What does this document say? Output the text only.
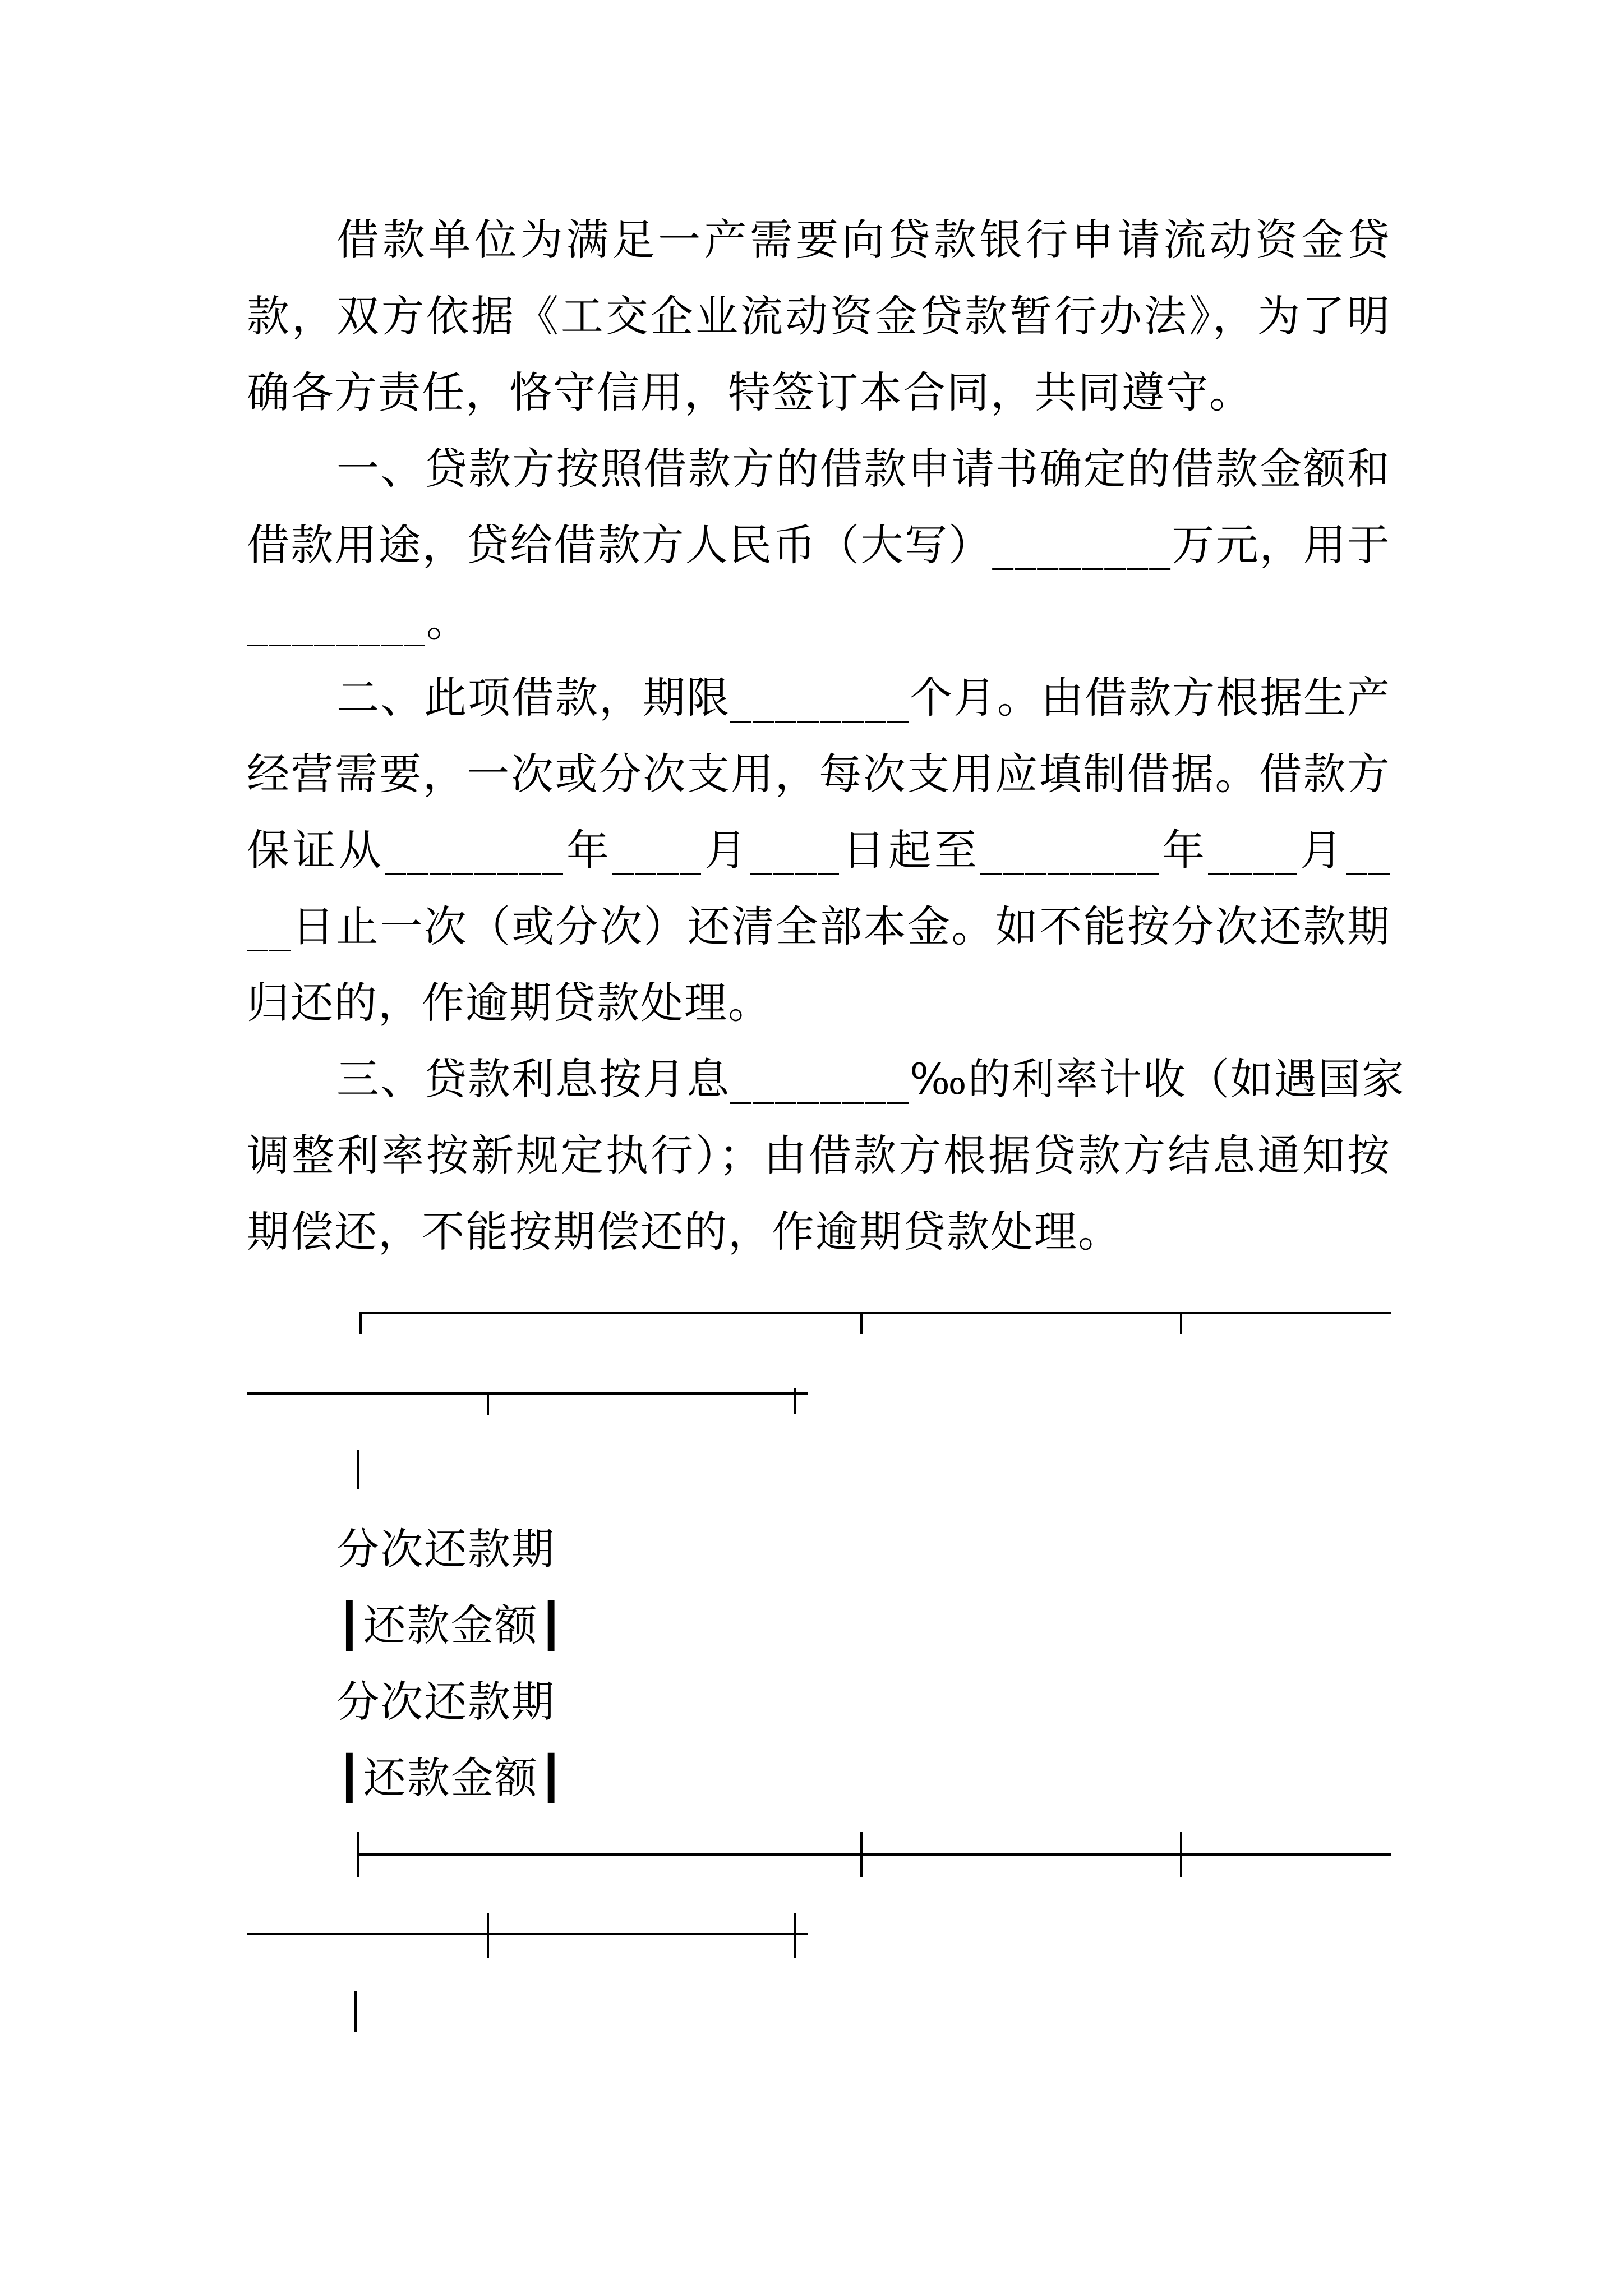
借款单位为满足一产需要向贷款银行申请流动资金贷
款，双方依据《工交企业流动资金贷款暂行办法》，为了明
确各方责任，恪守信用，特签订本合同，共同遵守。
一、贷款方按照借款方的借款申请书确定的借款金额和
借款用途，贷给借款方人民币（大写）________万元，用于
________。
二、此项借款，期限________个月。由借款方根据生产
经营需要，一次或分次支用，每次支用应填制借据。借款方
保证从________年____月____日起至________年____月__
__日止一次（或分次）还清全部本金。如不能按分次还款期
归还的，作逾期贷款处理。
三、贷款利息按月息________‰的利率计收（如遇国家
调整利率按新规定执行）；由借款方根据贷款方结息通知按
期偿还，不能按期偿还的，作逾期贷款处理。
分次还款期
┃还款金额┃
分次还款期
┃还款金额┃
